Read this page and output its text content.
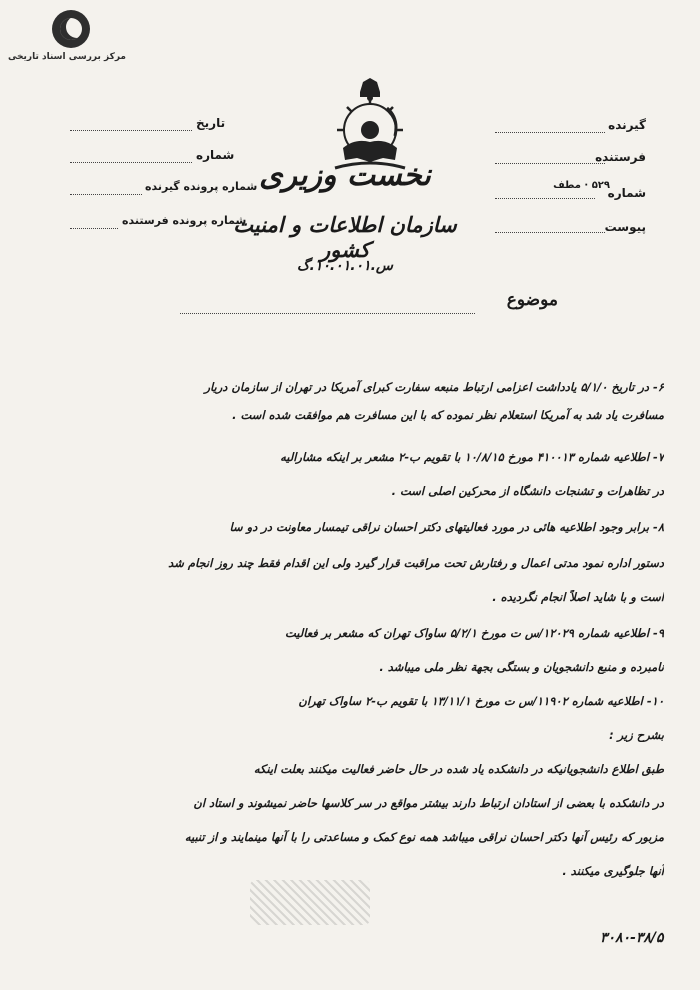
مرکز بررسی اسناد تاریخی
گیرنده
فرستنده
شماره
۵۲۹ · مطف
پیوست
تاریخ
شماره
شماره پرونده گیرنده
شماره پرونده فرستنده
نخست وزیری
سازمان اطلاعات و امنیت کشور
س.۱۰.۰۱.۰۱.گ
موضوع
۶- در تاریخ ۵/۱/۰ یادداشت اعزامی ارتباط منبعه سفارت کبرای آمریکا در تهران از سازمان دریار
مسافرت یاد شد به آمریکا استعلام نظر نموده که با این مسافرت هم موافقت شده است .
۷- اطلاعیه شماره ۴۱۰۰۱۳ مورخ ۱۰/۸/۱۵ با تقویم ب-۲ مشعر بر اینکه مشارالیه
در تظاهرات و تشنجات دانشگاه از محرکین اصلی است .
۸- برابر وجود اطلاعیه هائی در مورد فعالیتهای دکتر احسان نراقی تیمسار معاونت در دو سا
دستور اداره نمود مدتی اعمال و رفتارش تحت مراقبت قرار گیرد ولی این اقدام فقط چند روز انجام شد
است و با شاید اصلاً انجام نگردیده .
۹- اطلاعیه شماره ۱۲۰۲۹/س ت مورخ ۵/۲/۱ ساواک تهران که مشعر بر فعالیت
نامبرده و منبع دانشجویان و بستگی بجهة نظر ملی میباشد .
۱۰- اطلاعیه شماره ۱۱۹۰۲/س ت مورخ ۱۳/۱۱/۱ با تقویم ب-۲ ساواک تهران
بشرح زیر :
طبق اطلاع دانشجویانیکه در دانشکده یاد شده در حال حاضر فعالیت میکنند بعلت اینکه
در دانشکده با بعضی از استادان ارتباط دارند بیشتر مواقع در سر کلاسها حاضر نمیشوند و استاد ان
مزبور که رئیس آنها دکتر احسان نراقی میباشد همه نوع کمک و مساعدتی را با آنها مینمایند و از تنبیه
آنها جلوگیری میکنند .
۳۰۸۰-۳۸/۵
